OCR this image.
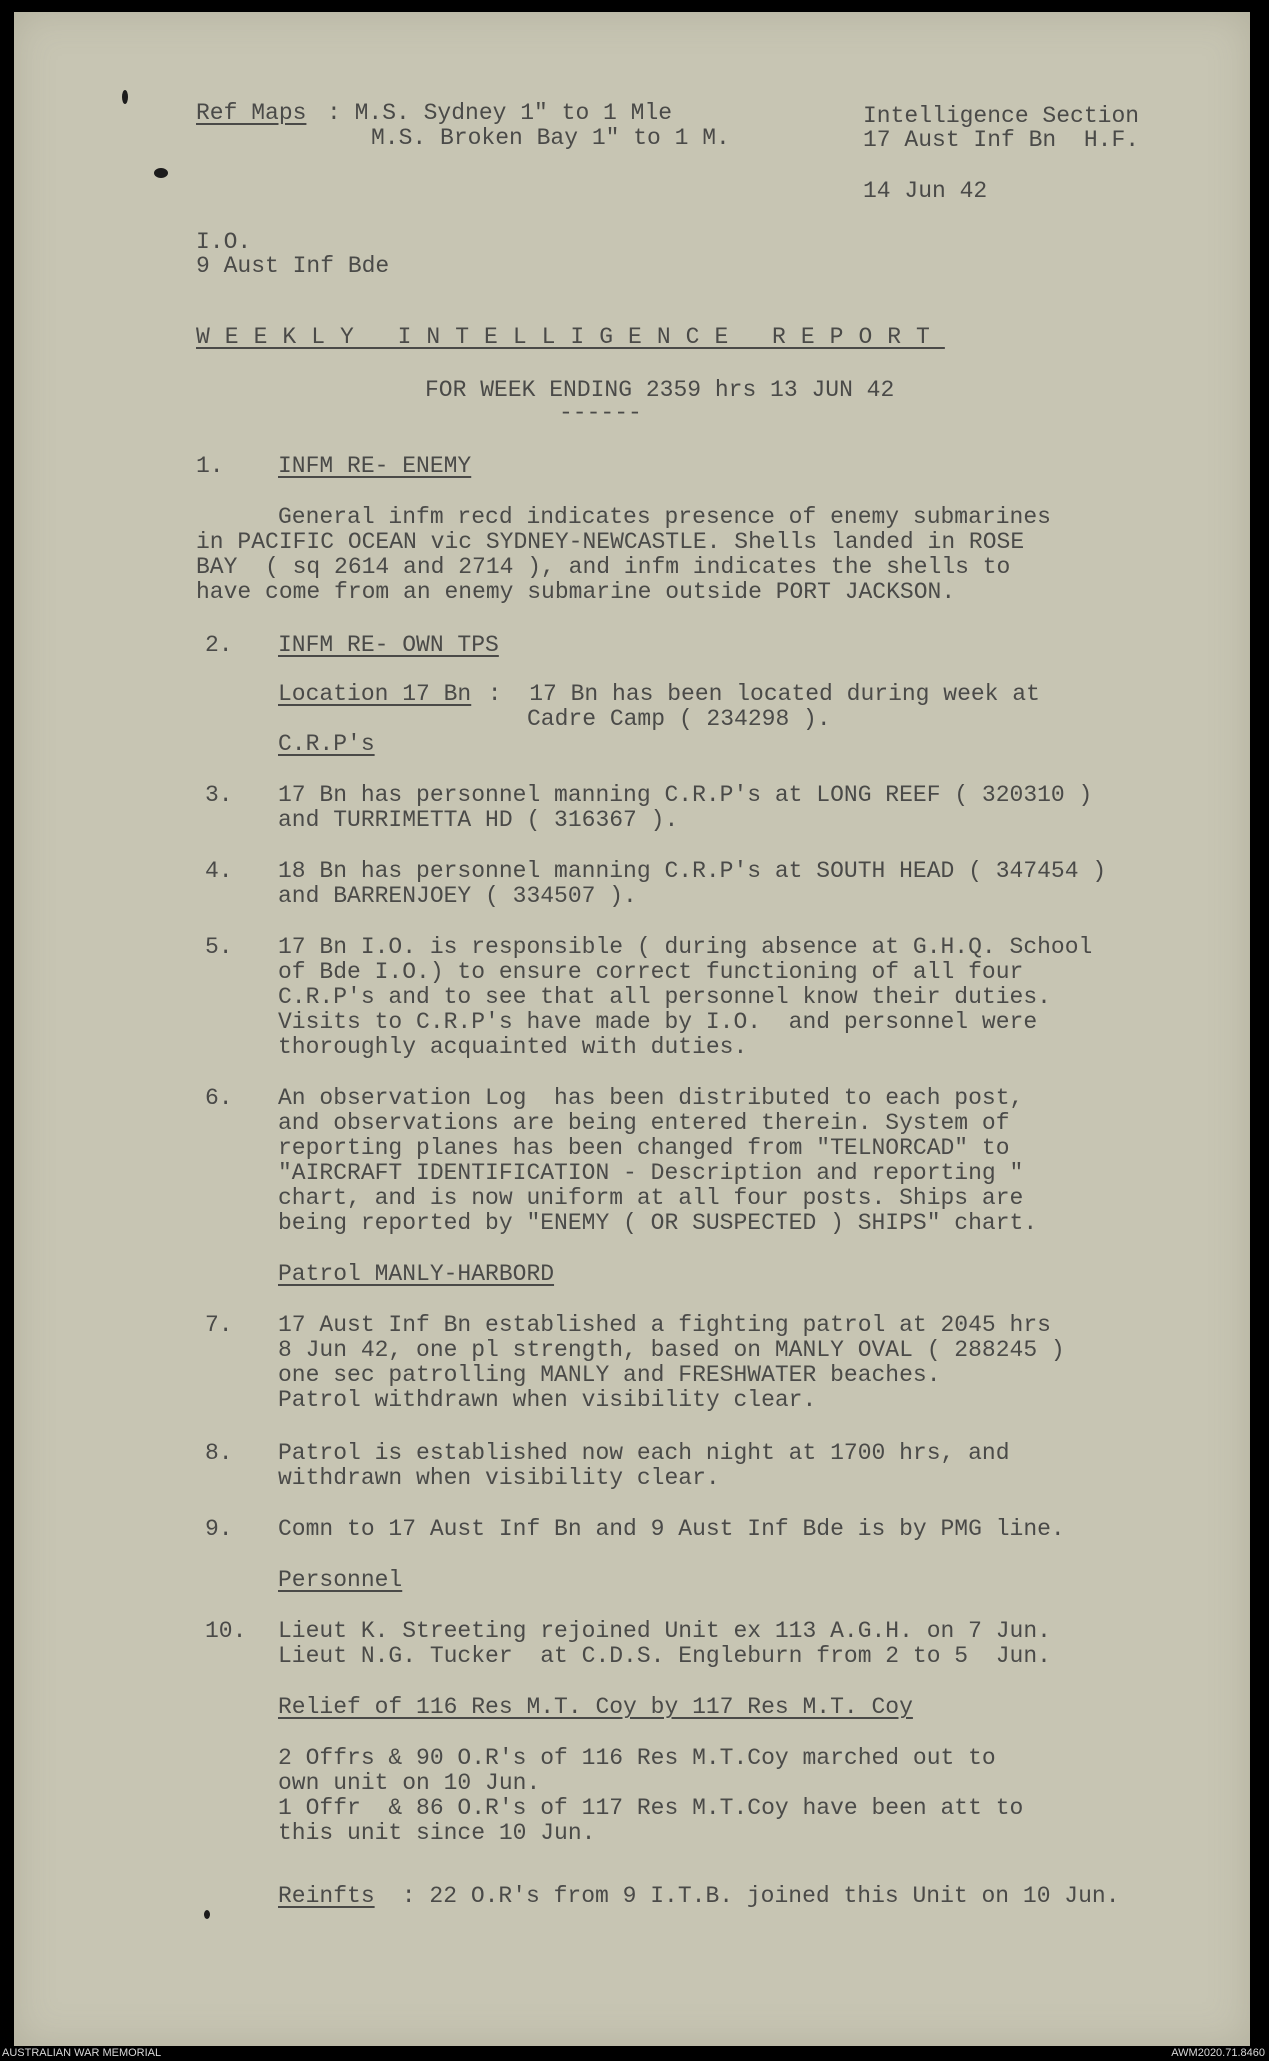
Ref Maps : M.S. Sydney 1" to 1 Mle
M.S. Broken Bay 1" to 1 M.
Intelligence Section
17 Aust Inf Bn  H.F.
14 Jun 42
I.O.
9 Aust Inf Bde
WEEKLY INTELLIGENCE REPORT
FOR WEEK ENDING 2359 hrs 13 JUN 42
------
1. INFM RE- ENEMY
General infm recd indicates presence of enemy submarines
in PACIFIC OCEAN vic SYDNEY-NEWCASTLE. Shells landed in ROSE
BAY  ( sq 2614 and 2714 ), and infm indicates the shells to
have come from an enemy submarine outside PORT JACKSON.
2. INFM RE- OWN TPS
Location 17 Bn :  17 Bn has been located during week at
Cadre Camp ( 234298 ).
C.R.P's
3. 17 Bn has personnel manning C.R.P's at LONG REEF ( 320310 )
and TURRIMETTA HD ( 316367 ).
4. 18 Bn has personnel manning C.R.P's at SOUTH HEAD ( 347454 )
and BARRENJOEY ( 334507 ).
5. 17 Bn I.O. is responsible ( during absence at G.H.Q. School
of Bde I.O.) to ensure correct functioning of all four
C.R.P's and to see that all personnel know their duties.
Visits to C.R.P's have made by I.O.  and personnel were
thoroughly acquainted with duties.
6. An observation Log  has been distributed to each post,
and observations are being entered therein. System of
reporting planes has been changed from "TELNORCAD" to
"AIRCRAFT IDENTIFICATION - Description and reporting "
chart, and is now uniform at all four posts. Ships are
being reported by "ENEMY ( OR SUSPECTED ) SHIPS" chart.
Patrol MANLY-HARBORD
7. 17 Aust Inf Bn established a fighting patrol at 2045 hrs
8 Jun 42, one pl strength, based on MANLY OVAL ( 288245 )
one sec patrolling MANLY and FRESHWATER beaches.
Patrol withdrawn when visibility clear.
8. Patrol is established now each night at 1700 hrs, and
withdrawn when visibility clear.
9. Comn to 17 Aust Inf Bn and 9 Aust Inf Bde is by PMG line.
Personnel
10. Lieut K. Streeting rejoined Unit ex 113 A.G.H. on 7 Jun.
Lieut N.G. Tucker  at C.D.S. Engleburn from 2 to 5  Jun.
Relief of 116 Res M.T. Coy by 117 Res M.T. Coy
2 Offrs & 90 O.R's of 116 Res M.T.Coy marched out to
own unit on 10 Jun.
1 Offr  & 86 O.R's of 117 Res M.T.Coy have been att to
this unit since 10 Jun.
Reinfts : 22 O.R's from 9 I.T.B. joined this Unit on 10 Jun.
AUSTRALIAN WAR MEMORIAL	AWM2020.71.8460
